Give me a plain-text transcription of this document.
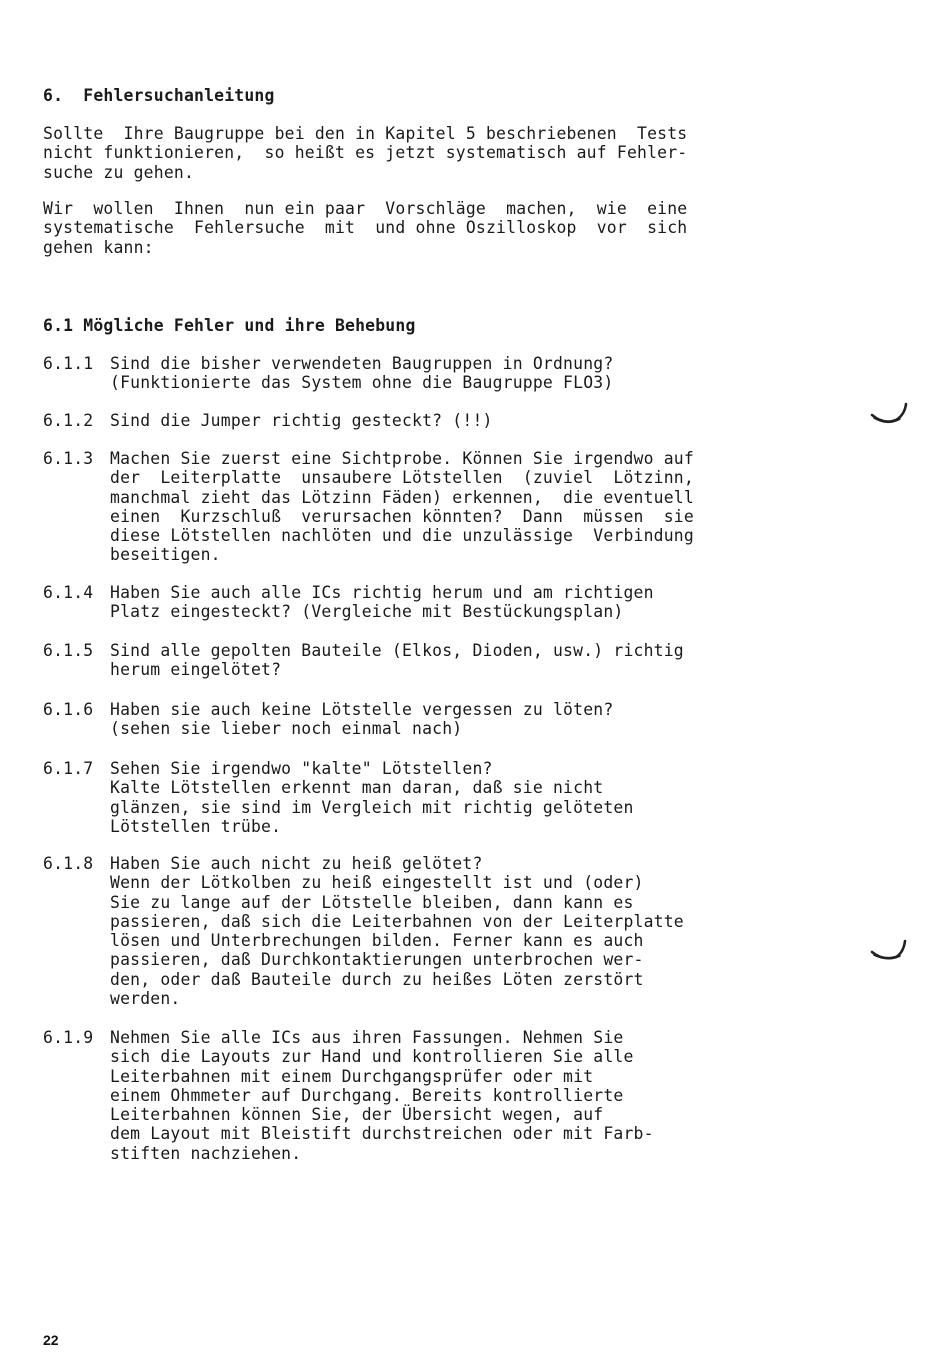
6.  Fehlersuchanleitung
Sollte  Ihre Baugruppe bei den in Kapitel 5 beschriebenen  Tests
nicht funktionieren,  so heißt es jetzt systematisch auf Fehler-
suche zu gehen.
Wir  wollen  Ihnen  nun ein paar  Vorschläge  machen,  wie  eine
systematische  Fehlersuche  mit  und ohne Oszilloskop  vor  sich
gehen kann:
6.1 Mögliche Fehler und ihre Behebung
6.1.1 Sind die bisher verwendeten Baugruppen in Ordnung?
(Funktionierte das System ohne die Baugruppe FLO3)
6.1.2 Sind die Jumper richtig gesteckt? (!!)
6.1.3 Machen Sie zuerst eine Sichtprobe. Können Sie irgendwo auf
der  Leiterplatte  unsaubere Lötstellen  (zuviel  Lötzinn,
manchmal zieht das Lötzinn Fäden) erkennen,  die eventuell
einen  Kurzschluß  verursachen könnten?  Dann  müssen  sie
diese Lötstellen nachlöten und die unzulässige  Verbindung
beseitigen.
6.1.4 Haben Sie auch alle ICs richtig herum und am richtigen
Platz eingesteckt? (Vergleiche mit Bestückungsplan)
6.1.5 Sind alle gepolten Bauteile (Elkos, Dioden, usw.) richtig
herum eingelötet?
6.1.6 Haben sie auch keine Lötstelle vergessen zu löten?
(sehen sie lieber noch einmal nach)
6.1.7 Sehen Sie irgendwo "kalte" Lötstellen?
Kalte Lötstellen erkennt man daran, daß sie nicht
glänzen, sie sind im Vergleich mit richtig gelöteten
Lötstellen trübe.
6.1.8 Haben Sie auch nicht zu heiß gelötet?
Wenn der Lötkolben zu heiß eingestellt ist und (oder)
Sie zu lange auf der Lötstelle bleiben, dann kann es
passieren, daß sich die Leiterbahnen von der Leiterplatte
lösen und Unterbrechungen bilden. Ferner kann es auch
passieren, daß Durchkontaktierungen unterbrochen wer-
den, oder daß Bauteile durch zu heißes Löten zerstört
werden.
6.1.9 Nehmen Sie alle ICs aus ihren Fassungen. Nehmen Sie
sich die Layouts zur Hand und kontrollieren Sie alle
Leiterbahnen mit einem Durchgangsprüfer oder mit
einem Ohmmeter auf Durchgang. Bereits kontrollierte
Leiterbahnen können Sie, der Übersicht wegen, auf
dem Layout mit Bleistift durchstreichen oder mit Farb-
stiften nachziehen.
22
